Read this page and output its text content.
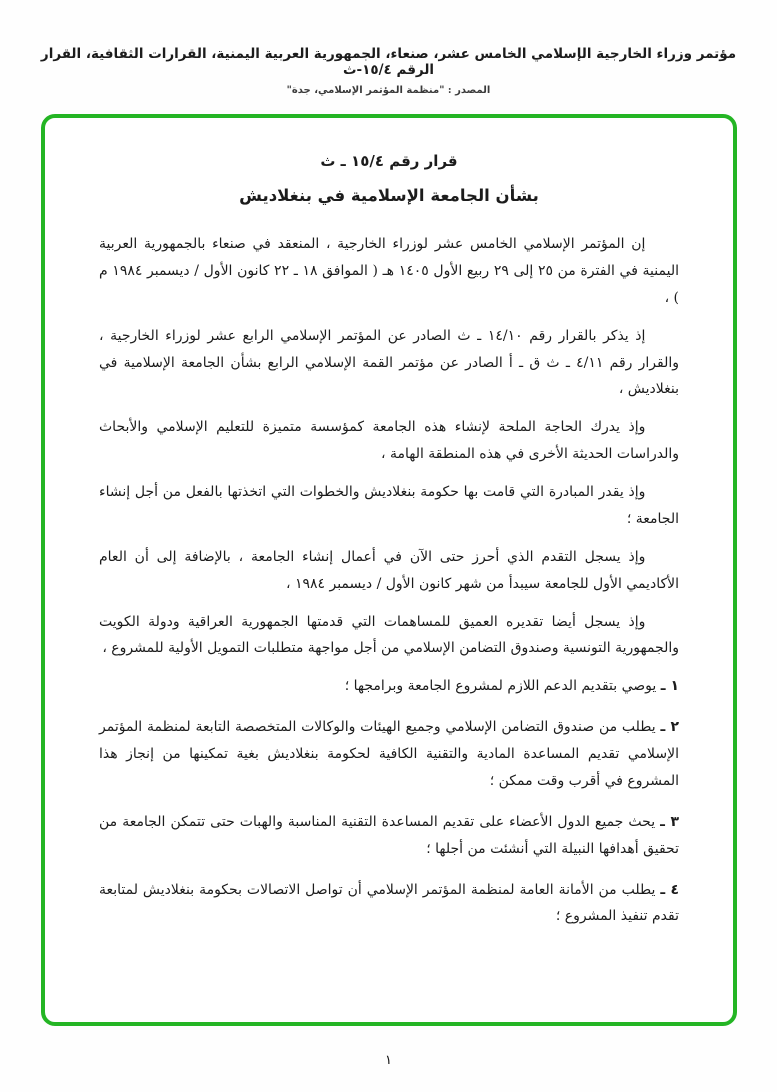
مؤتمر وزراء الخارجية الإسلامي الخامس عشر، صنعاء، الجمهورية العربية اليمنية، القرارات الثقافية، القرار الرقم ١٥/٤-ث
المصدر : "منظمة المؤتمر الإسلامي، جدة"
قرار رقم ١٥/٤ ـ ث
بشأن الجامعة الإسلامية في بنغلاديش

إن المؤتمر الإسلامي الخامس عشر لوزراء الخارجية ، المنعقد في صنعاء بالجمهورية العربية اليمنية في الفترة من ٢٥ إلى ٢٩ ربيع الأول ١٤٠٥ هـ ( الموافق ١٨ ـ ٢٢ كانون الأول / ديسمبر ١٩٨٤ م ) ،

إذ يذكر بالقرار رقم ١٤/١٠ ـ ث الصادر عن المؤتمر الإسلامي الرابع عشر لوزراء الخارجية ، والقرار رقم ٤/١١ ـ ث ق ـ أ الصادر عن مؤتمر القمة الإسلامي الرابع بشأن الجامعة الإسلامية في بنغلاديش ،

وإذ يدرك الحاجة الملحة لإنشاء هذه الجامعة كمؤسسة متميزة للتعليم الإسلامي والأبحاث والدراسات الحديثة الأخرى في هذه المنطقة الهامة ،

وإذ يقدر المبادرة التي قامت بها حكومة بنغلاديش والخطوات التي اتخذتها بالفعل من أجل إنشاء الجامعة ؛

وإذ يسجل التقدم الذي أحرز حتى الآن في أعمال إنشاء الجامعة ، بالإضافة إلى أن العام الأكاديمي الأول للجامعة سيبدأ من شهر كانون الأول / ديسمبر ١٩٨٤ ،

وإذ يسجل أيضا تقديره العميق للمساهمات التي قدمتها الجمهورية العراقية ودولة الكويت والجمهورية التونسية وصندوق التضامن الإسلامي من أجل مواجهة متطلبات التمويل الأولية للمشروع ،

١ ـ يوصي بتقديم الدعم اللازم لمشروع الجامعة وبرامجها ؛

٢ ـ يطلب من صندوق التضامن الإسلامي وجميع الهيئات والوكالات المتخصصة التابعة لمنظمة المؤتمر الإسلامي تقديم المساعدة المادية والتقنية الكافية لحكومة بنغلاديش بغية تمكينها من إنجاز هذا المشروع في أقرب وقت ممكن ؛

٣ ـ يحث جميع الدول الأعضاء على تقديم المساعدة التقنية المناسبة والهبات حتى تتمكن الجامعة من تحقيق أهدافها النبيلة التي أنشئت من أجلها ؛

٤ ـ يطلب من الأمانة العامة لمنظمة المؤتمر الإسلامي أن تواصل الاتصالات بحكومة بنغلاديش لمتابعة تقدم تنفيذ المشروع ؛

١
